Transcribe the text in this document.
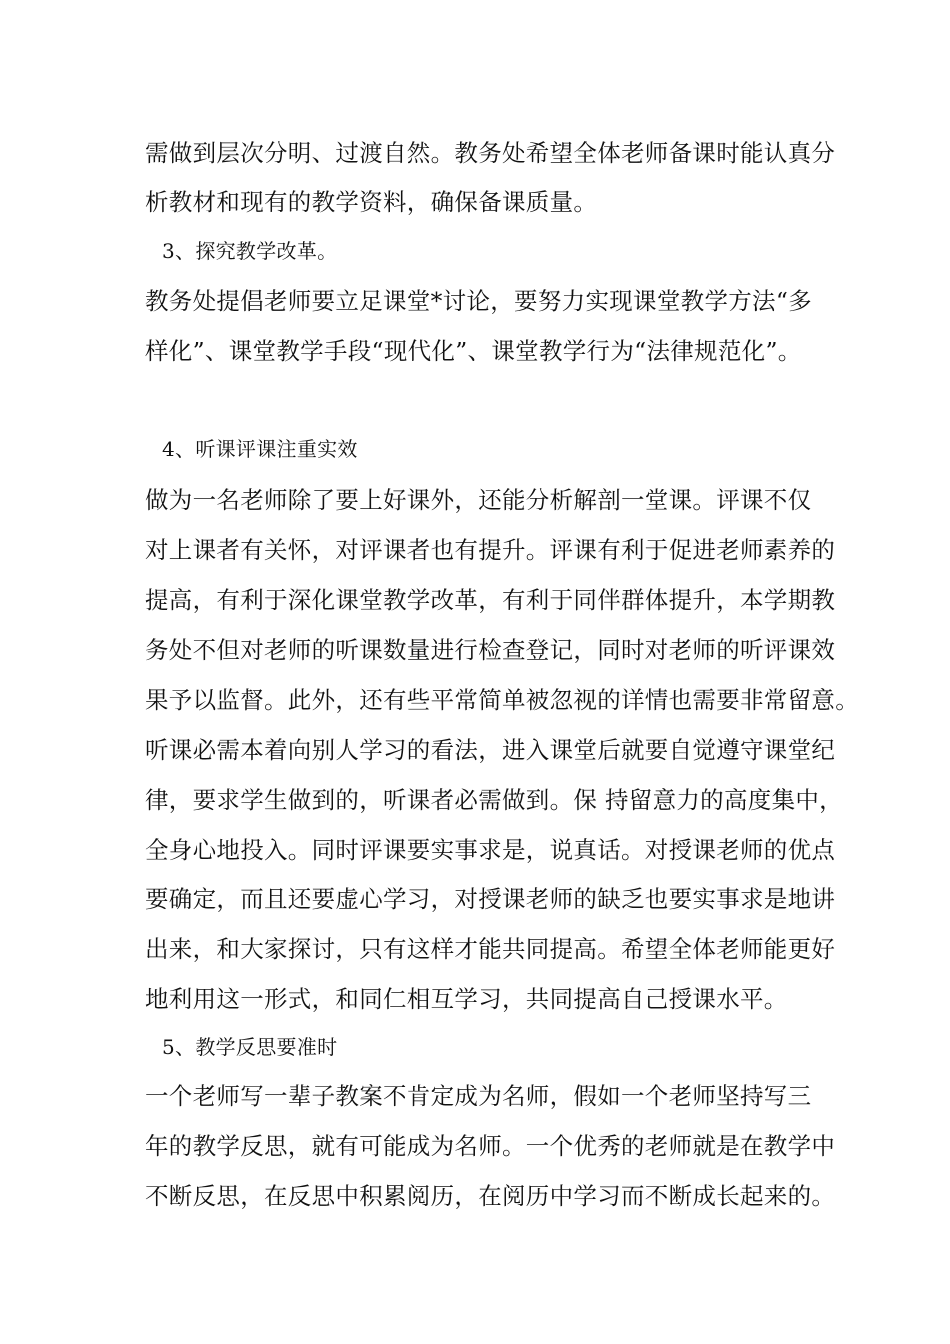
需做到层次分明、过渡自然。教务处希望全体老师备课时能认真分
析教材和现有的教学资料，确保备课质量。
3、探究教学改革。
教务处提倡老师要立足课堂*讨论，要努力实现课堂教学方法“多
样化”、课堂教学手段“现代化”、课堂教学行为“法律规范化”。
4、听课评课注重实效
做为一名老师除了要上好课外，还能分析解剖一堂课。评课不仅
对上课者有关怀，对评课者也有提升。评课有利于促进老师素养的
提高，有利于深化课堂教学改革，有利于同伴群体提升，本学期教
务处不但对老师的听课数量进行检查登记，同时对老师的听评课效
果予以监督。此外，还有些平常简单被忽视的详情也需要非常留意。
听课必需本着向别人学习的看法，进入课堂后就要自觉遵守课堂纪
律，要求学生做到的，听课者必需做到。保 持留意力的高度集中，
全身心地投入。同时评课要实事求是，说真话。对授课老师的优点
要确定，而且还要虚心学习，对授课老师的缺乏也要实事求是地讲
出来，和大家探讨，只有这样才能共同提高。希望全体老师能更好
地利用这一形式，和同仁相互学习，共同提高自己授课水平。
5、教学反思要准时
一个老师写一辈子教案不肯定成为名师，假如一个老师坚持写三
年的教学反思，就有可能成为名师。一个优秀的老师就是在教学中
不断反思，在反思中积累阅历，在阅历中学习而不断成长起来的。
